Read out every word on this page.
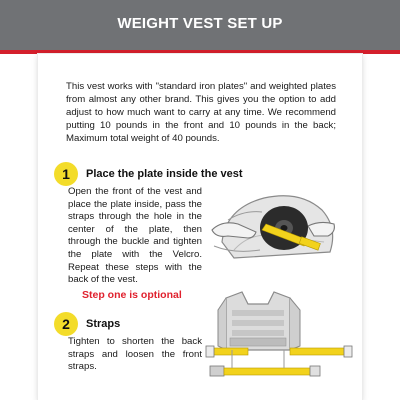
WEIGHT VEST SET UP
This vest works with "standard iron plates" and weighted plates from almost any other brand. This gives you the option to add adjust to how much want to carry at any time. We recommend putting 10 pounds in the front and 10 pounds in the back; Maximum total weight of 40 pounds.
1	Place the plate inside the vest
Open the front of the vest and place the plate inside, pass the straps through the hole in the center of the plate, then through the buckle and tighten the plate with the Velcro. Repeat these steps with the back of the vest.
Step one is optional
2	Straps
Tighten to shorten the back straps and loosen the front straps.
